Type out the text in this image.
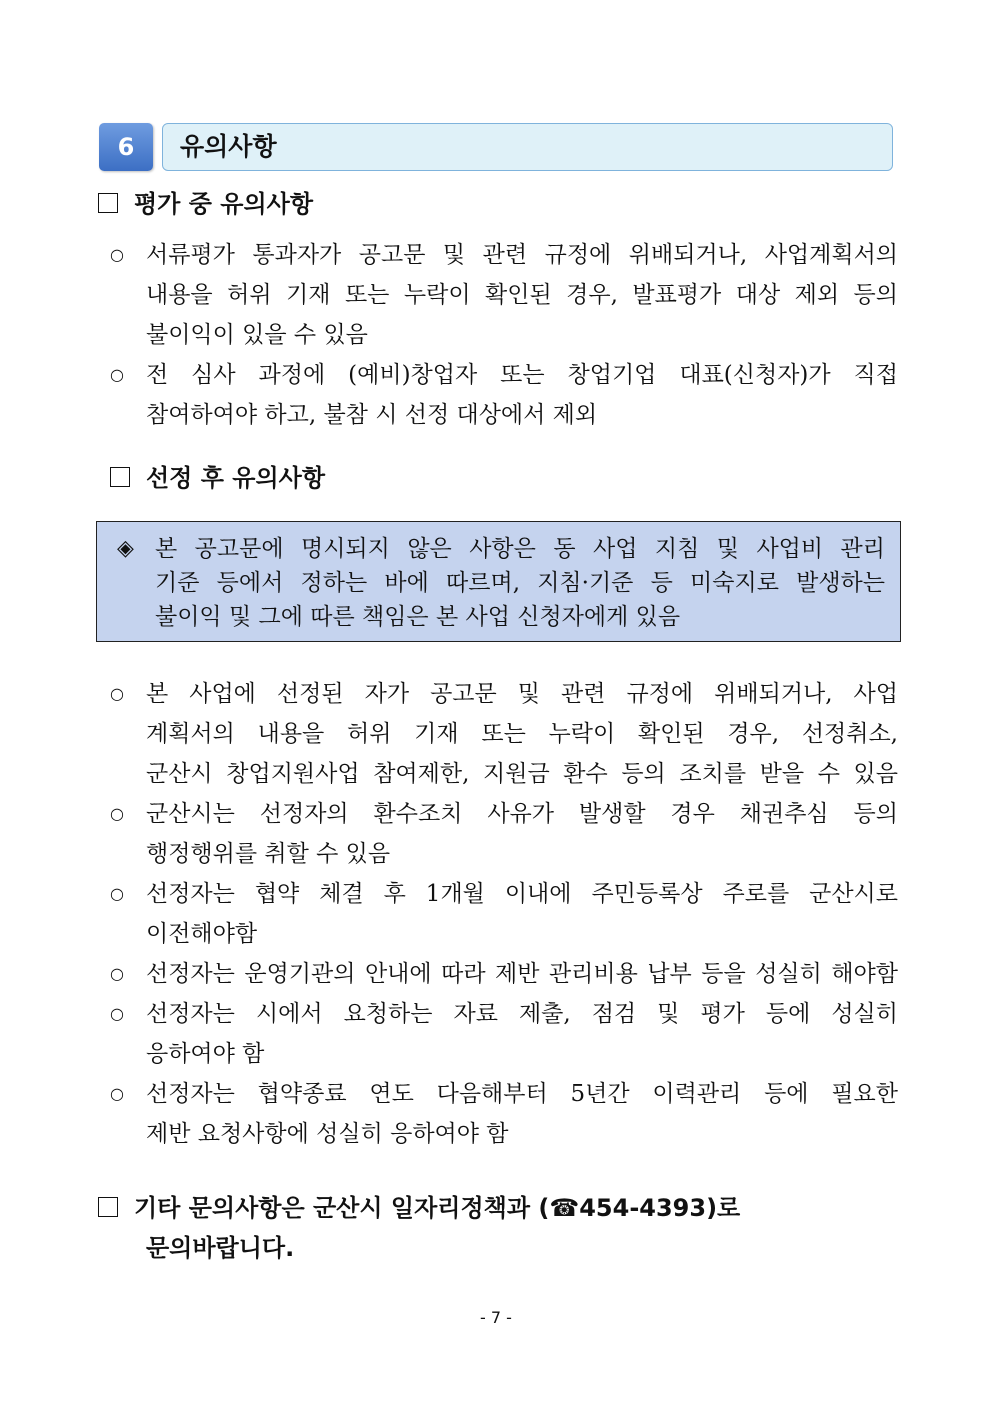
6	유의사항
평가 중 유의사항
○ 서류평가 통과자가 공고문 및 관련 규정에 위배되거나, 사업계획서의
내용을 허위 기재 또는 누락이 확인된 경우, 발표평가 대상 제외 등의
불이익이 있을 수 있음
○ 전 심사 과정에 (예비)창업자 또는 창업기업 대표(신청자)가 직접
참여하여야 하고, 불참 시 선정 대상에서 제외
선정 후 유의사항
◈ 본 공고문에 명시되지 않은 사항은 동 사업 지침 및 사업비 관리
기준 등에서 정하는 바에 따르며, 지침·기준 등 미숙지로 발생하는
불이익 및 그에 따른 책임은 본 사업 신청자에게 있음
○ 본 사업에 선정된 자가 공고문 및 관련 규정에 위배되거나, 사업
계획서의 내용을 허위 기재 또는 누락이 확인된 경우, 선정취소,
군산시 창업지원사업 참여제한, 지원금 환수 등의 조치를 받을 수 있음
○ 군산시는 선정자의 환수조치 사유가 발생할 경우 채권추심 등의
행정행위를 취할 수 있음
○ 선정자는 협약 체결 후 1개월 이내에 주민등록상 주로를 군산시로
이전해야함
○ 선정자는 운영기관의 안내에 따라 제반 관리비용 납부 등을 성실히 해야함
○ 선정자는 시에서 요청하는 자료 제출, 점검 및 평가 등에 성실히
응하여야 함
○ 선정자는 협약종료 연도 다음해부터 5년간 이력관리 등에 필요한
제반 요청사항에 성실히 응하여야 함
기타 문의사항은 군산시 일자리정책과 (☎454-4393)로
문의바랍니다.
- 7 -
